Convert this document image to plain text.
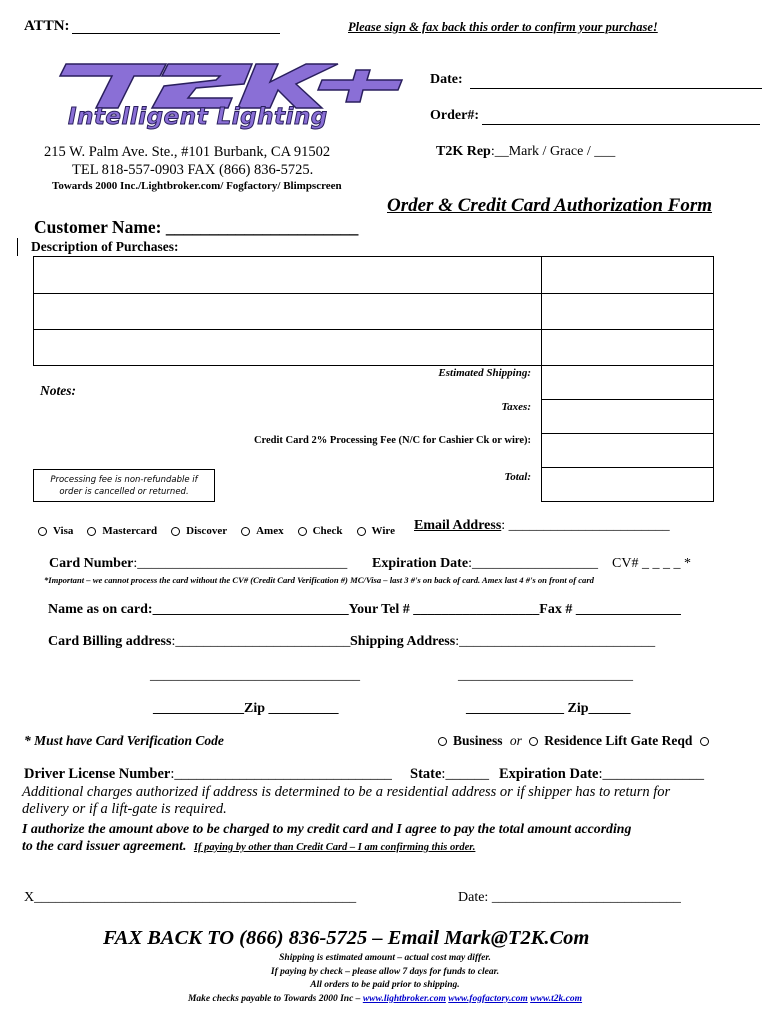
ATTN:	Please sign & fax back this order to confirm your purchase!
Intelligent Lighting
Date:
Order#:
215 W. Palm Ave. Ste., #101 Burbank, CA 91502
TEL 818-557-0903 FAX (866) 836-5725.
Towards 2000 Inc./Lightbroker.com/ Fogfactory/ Blimpscreen
T2K Rep:__Mark / Grace / ___
Order & Credit Card Authorization Form
Customer Name: ______________________
Description of Purchases:
Estimated Shipping:
Notes:
Taxes:
Credit Card 2% Processing Fee (N/C for Cashier Ck or wire):
Total:
Processing fee is non-refundable if
order is cancelled or returned.
Visa	Mastercard	Discover	Amex	Check	Wire	Email Address: _______________________
Card Number:______________________________ Expiration Date:__________________ CV# _ _ _ _ *
*Important – we cannot process the card without the CV# (Credit Card Verification #) MC/Visa – last 3 #'s on back of card. Amex last 4 #'s on front of card
Name as on card:____________________________Your Tel # __________________Fax # _______________
Card Billing address:_________________________ Shipping Address:____________________________
______________________________	_________________________
_____________Zip __________	______________ Zip______
* Must have Card Verification Code	Business or Residence Lift Gate Reqd
Driver License Number:______________________________ State:______ Expiration Date:______________
Additional charges authorized if address is determined to be a residential address or if shipper has to return for delivery or if a lift-gate is required.
I authorize the amount above to be charged to my credit card and I agree to pay the total amount according
to the card issuer agreement. If paying by other than Credit Card – I am confirming this order.
X______________________________________________	Date: ___________________________
FAX BACK TO (866) 836-5725 – Email Mark@T2K.Com
Shipping is estimated amount – actual cost may differ.
If paying by check – please allow 7 days for funds to clear.
All orders to be paid prior to shipping.
Make checks payable to Towards 2000 Inc – www.lightbroker.com www.fogfactory.com www.t2k.com
